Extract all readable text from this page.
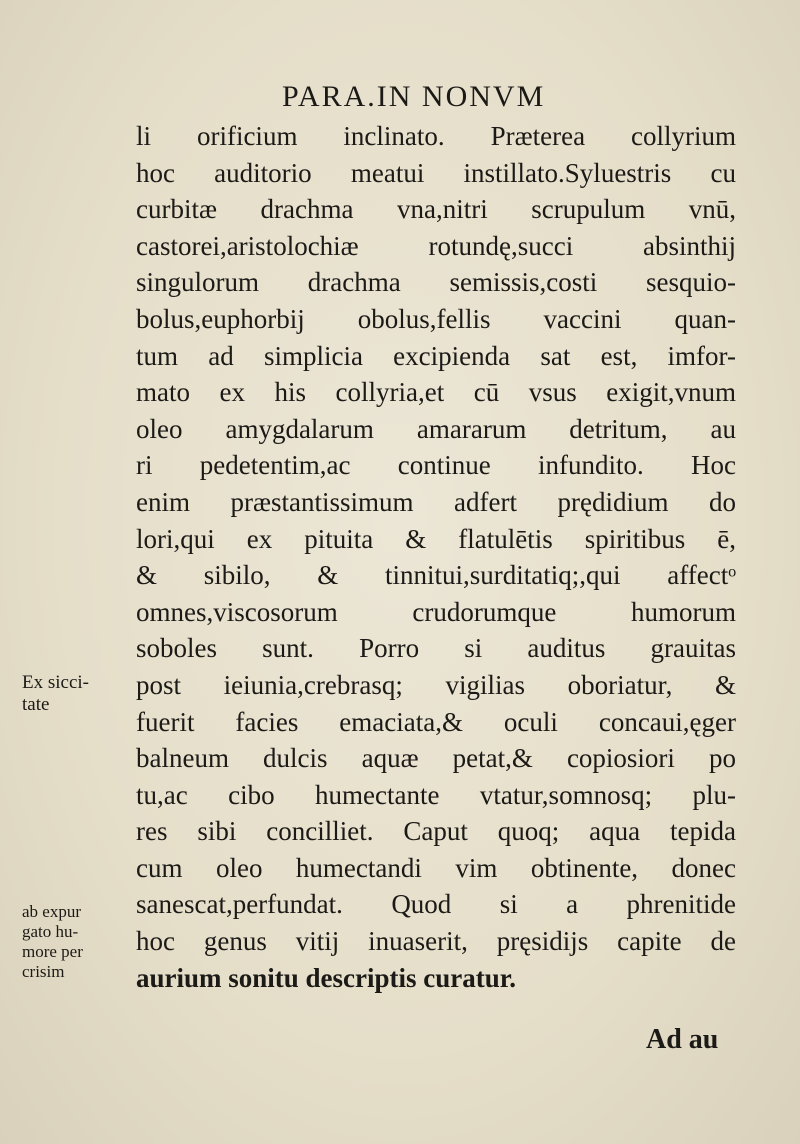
PARA.IN NONVM
li orificium inclinato. Præterea collyrium
hoc auditorio meatui instillato.Syluestris cu
curbitæ drachma vna,nitri scrupulum vnū,
castorei,aristolochiæ rotundę,succi absinthij
singulorum drachma semissis,costi sesquio-
bolus,euphorbij obolus,fellis vaccini quan-
tum ad simplicia excipienda sat est, imfor-
mato ex his collyria,et cū vsus exigit,vnum
oleo amygdalarum amararum detritum, au
ri pedetentim,ac continue infundito. Hoc
enim præstantissimum adfert prędidium do
lori,qui ex pituita & flatulētis spiritibus ē,
& sibilo, & tinnitui,surditatiq;,qui affectᵒ
omnes,viscosorum crudorumque humorum
soboles sunt. Porro si auditus grauitas
post ieiunia,crebrasq; vigilias oboriatur, &
fuerit facies emaciata,& oculi concaui,ęger
balneum dulcis aquæ petat,& copiosiori po
tu,ac cibo humectante vtatur,somnosq; plu-
res sibi concilliet. Caput quoq; aqua tepida
cum oleo humectandi vim obtinente, donec
sanescat,perfundat. Quod si a phrenitide
hoc genus vitij inuaserit, pręsidijs capite de
aurium sonitu descriptis curatur.
Ex sicci-
tate
ab expur
gato hu-
more per
crisim
Ad au
